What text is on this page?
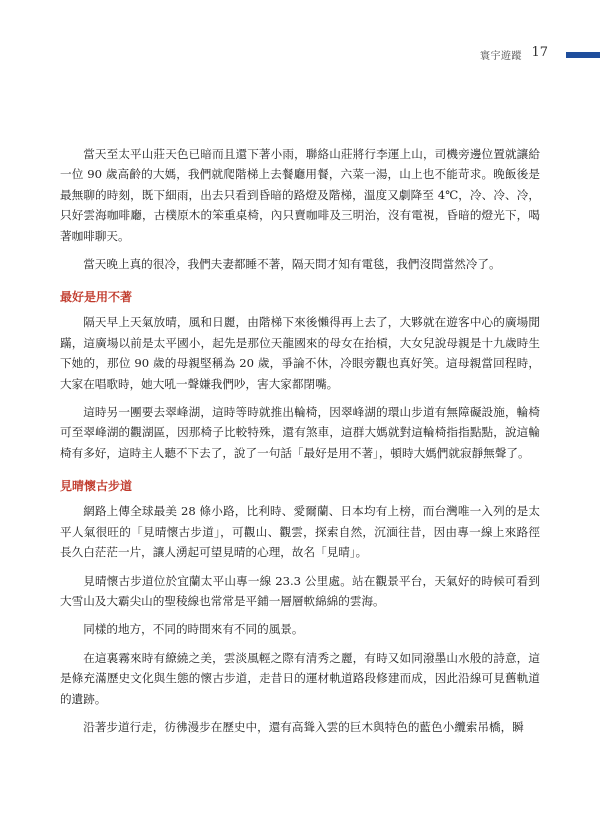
寰宇遊蹤 17

當天至太平山莊天色已暗而且還下著小雨，聯絡山莊將行李運上山，司機旁邊位置就讓給一位 90 歲高齡的大媽，我們就爬階梯上去餐廳用餐，六菜一湯，山上也不能苛求。晚飯後是最無聊的時刻，既下細雨，出去只看到昏暗的路燈及階梯，溫度又劇降至 4℃，冷、冷、冷，只好雲海咖啡廳，古樸原木的笨重桌椅，內只賣咖啡及三明治，沒有電視，昏暗的燈光下，喝著咖啡聊天。

當天晚上真的很冷，我們夫妻都睡不著，隔天問才知有電毯，我們沒問當然冷了。

最好是用不著

隔天早上天氣放晴，風和日麗，由階梯下來後懶得再上去了，大夥就在遊客中心的廣場閒蹣，這廣場以前是太平國小，起先是那位天龍國來的母女在抬槓，大女兒說母親是十九歲時生下她的，那位 90 歲的母親堅稱為 20 歲，爭論不休，冷眼旁觀也真好笑。這母親當回程時，大家在唱歌時，她大吼一聲嫌我們吵，害大家都閉嘴。

這時另一團要去翠峰湖，這時等時就推出輪椅，因翠峰湖的環山步道有無障礙設施，輪椅可至翠峰湖的觀湖區，因那椅子比較特殊，還有煞車，這群大媽就對這輪椅指指點點，說這輪椅有多好，這時主人聽不下去了，說了一句話「最好是用不著」，頓時大媽們就寂靜無聲了。

見晴懷古步道

網路上傳全球最美 28 條小路，比利時、愛爾蘭、日本均有上榜，而台灣唯一入列的是太平人氣很旺的「見晴懷古步道」，可觀山、觀雲，探索自然，沉湎往昔，因由專一線上來路徑長久白茫茫一片，讓人湧起可望見晴的心理，故名「見晴」。

見晴懷古步道位於宜蘭太平山專一線 23.3 公里處。站在觀景平台，天氣好的時候可看到大雪山及大霸尖山的聖稜線也常常是平鋪一層層軟綿綿的雲海。

同樣的地方，不同的時間來有不同的風景。

在這裏霧來時有繚繞之美，雲淡風輕之際有清秀之麗，有時又如同潑墨山水般的詩意，這是條充滿歷史文化與生態的懷古步道，走昔日的運材軌道路段修建而成，因此沿線可見舊軌道的遺跡。

沿著步道行走，彷彿漫步在歷史中，還有高聳入雲的巨木與特色的藍色小纜索吊橋，瞬
